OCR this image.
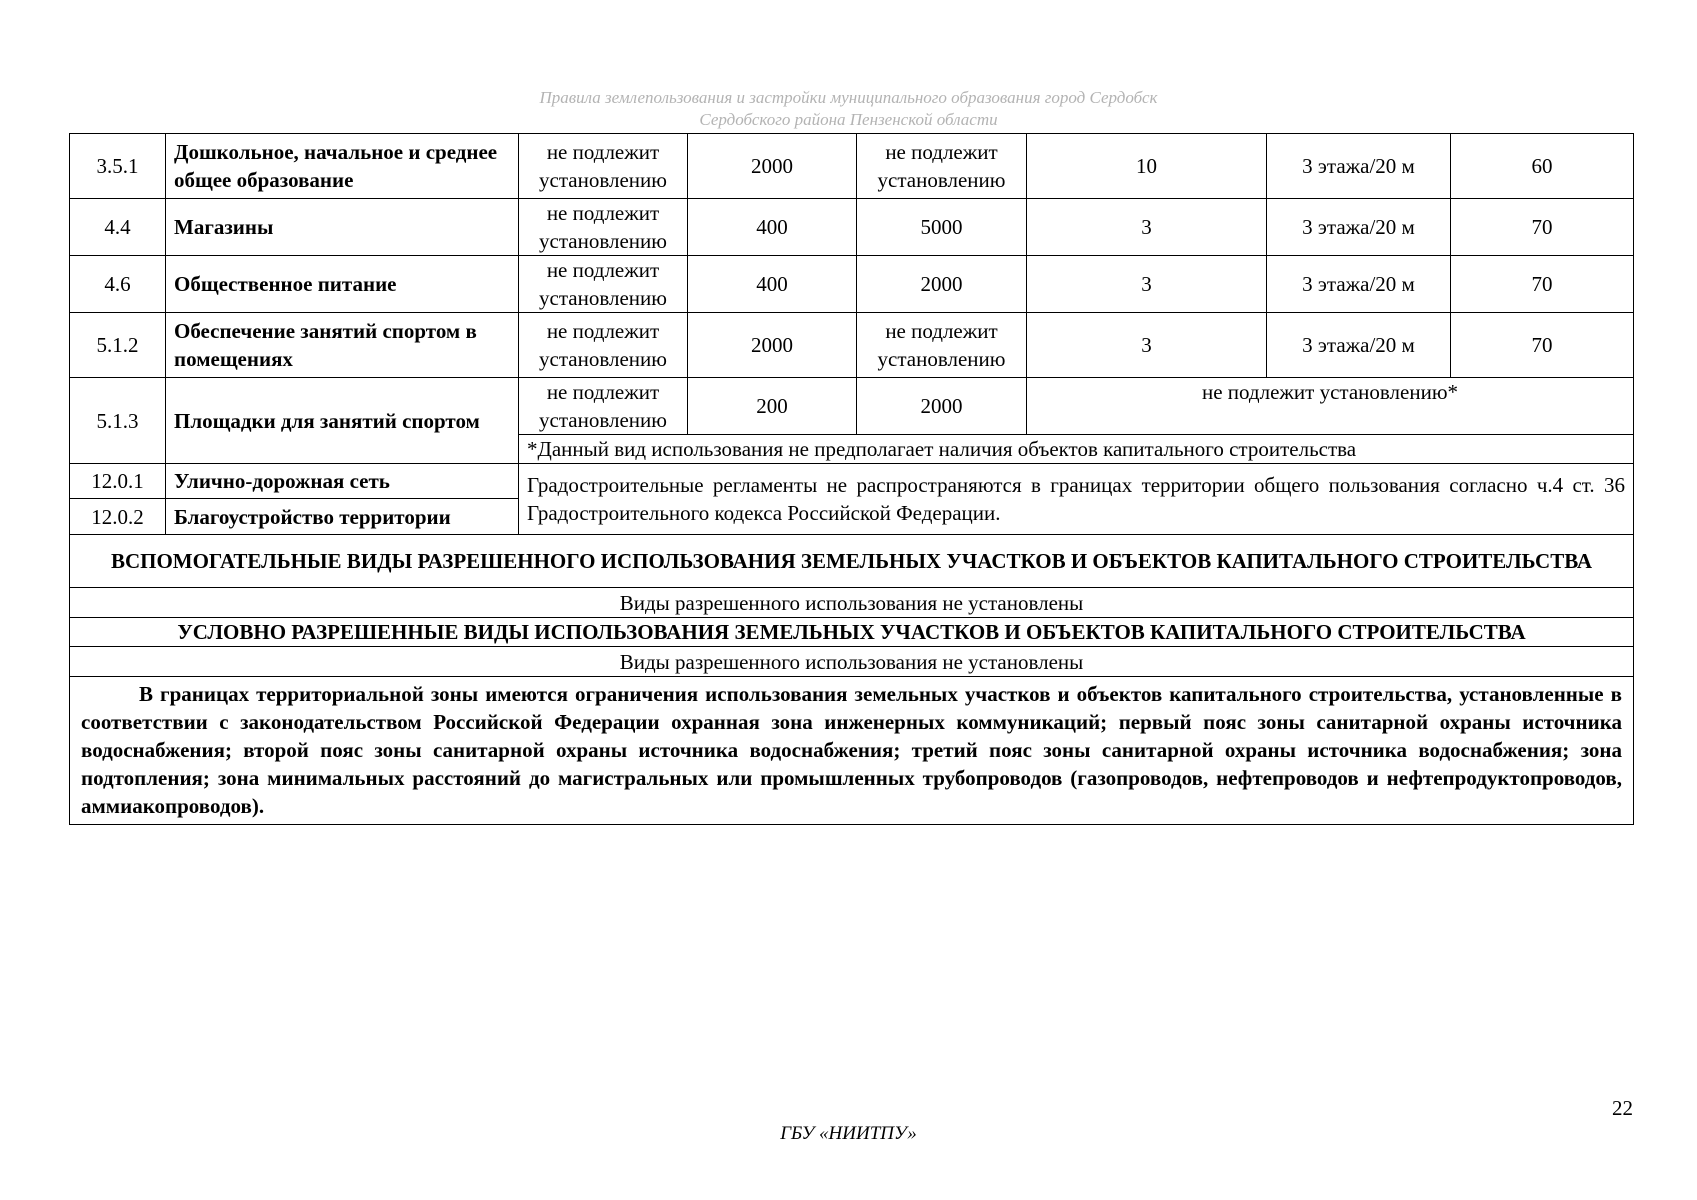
Правила землепользования и застройки муниципального образования город Сердобск
Сердобского района Пензенской области
3.5.1	Дошкольное, начальное и среднее общее образование	не подлежит установлению	2000	не подлежит установлению	10	3 этажа/20 м	60
4.4	Магазины	не подлежит установлению	400	5000	3	3 этажа/20 м	70
4.6	Общественное питание	не подлежит установлению	400	2000	3	3 этажа/20 м	70
5.1.2	Обеспечение занятий спортом в помещениях	не подлежит установлению	2000	не подлежит установлению	3	3 этажа/20 м	70
5.1.3	Площадки для занятий спортом	не подлежит установлению	200	2000	не подлежит установлению*		
		*Данный вид использования не предполагает наличия объектов капитального строительства					
12.0.1	Улично-дорожная сеть	Градостроительные регламенты не распространяются в границах территории общего пользования согласно ч.4 ст. 36 Градостроительного кодекса Российской Федерации.					
12.0.2	Благоустройство территории						
ВСПОМОГАТЕЛЬНЫЕ ВИДЫ РАЗРЕШЕННОГО ИСПОЛЬЗОВАНИЯ ЗЕМЕЛЬНЫХ УЧАСТКОВ И ОБЪЕКТОВ КАПИТАЛЬНОГО СТРОИТЕЛЬСТВА							
Виды разрешенного использования не установлены							
УСЛОВНО РАЗРЕШЕННЫЕ ВИДЫ ИСПОЛЬЗОВАНИЯ ЗЕМЕЛЬНЫХ УЧАСТКОВ И ОБЪЕКТОВ КАПИТАЛЬНОГО СТРОИТЕЛЬСТВА							
Виды разрешенного использования не установлены							
В границах территориальной зоны имеются ограничения использования земельных участков и объектов капитального строительства, установленные в соответствии с законодательством Российской Федерации охранная зона инженерных коммуникаций; первый пояс зоны санитарной охраны источника водоснабжения; второй пояс зоны санитарной охраны источника водоснабжения; третий пояс зоны санитарной охраны источника водоснабжения; зона подтопления; зона минимальных расстояний до магистральных или промышленных трубопроводов (газопроводов, нефтепроводов и нефтепродуктопроводов, аммиакопроводов).							
22
ГБУ «НИИТПУ»
